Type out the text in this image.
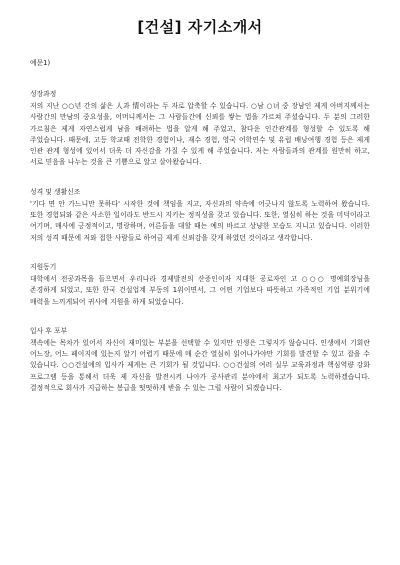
[건설] 자기소개서
예문1)
성장과정

저의 지난 ○○년 간의 삶은 人과 情이라는 두 자로 압축할 수 있습니다. ○남 ○녀 중 장남인 제게 아버지께서는 사람간의 만남의 중요성을, 어머니께서는 그 사람들간에 신뢰를 쌓는 법을 가르쳐 주셨습니다. 두 분의 그러한 가르침은 제게 자연스럽게 남을 배려하는 법을 알게 해 주었고, 참다운 인간관계를 형성할 수 있도록 해 주었습니다. 때문에, 고등 학교때 전학한 경험이나, 재수 경험, 영국 어학연수 및 유럽 배낭여행 경험 등은 제게 인관 관계 형성에 있어서 더욱 더 자신감을 가질 수 있게 해 주었습니다. 저는 사람들과의 관계를 원만히 하고, 서로 믿음을 나누는 것을 큰 기쁨으로 알고 살아왔습니다.

성격 및 생활신조

'기다 면 안 가느니만 못하다' 시작한 것에 책임을 지고, 자신과의 약속에 어긋나지 않도록 노력하여 왔습니다. 또한 경험되와 같은 사소한 일이라도 반드시 지키는 정직성을 갖고 있습니다. 또한, 열심히 하는 것을 미덕이라고 여기며, 매사에 긍정적이고, 명랑하며, 어른들을 대할 때는 예의 바르고 상냥한 모습도 지니고 있습니다. 이러한 저의 성격 때문에 저와 접한 사람들로 하여금 제게 신뢰감을 갖게 하였던 것이라고 생각합니다.

지원동기

대학에서 전공과목을 들으면서 우리나라 경제발전의 산증인이자 지대한 공로자인 고 ○○○ 명예회장님을 존경하게 되었고, 또한 한국 건설업계 부동의 1위이면서, 그 어떤 기업보다 따뜻하고 가족적인 기업 분위기에 매력을 느끼게되어 귀사에 지원을 하게 되었습니다.

입사 후 포부

책속에는 목차가 있어서 자신이 재미있는 부분을 선택할 수 있지만 인생은 그렇지가 않습니다. 인생에서 기회란 어느장, 어느 페이지에 있는지 알기 어렵기 때문에 매 순간 열심히 읽어나가야만 기회를 발견할 수 있고 잡을 수 있습니다. ○○건설에의 입사가 제게는 큰 기회가 될 것입니다. ○○건설의 여러 실무 교육과정과 핵심역량 강화 프로그램 등을 통해서 더욱 제 자신을 발전시켜 나아가 공사관리 분야에서 최고가 되도록 노력하겠습니다. 결정적으로 회사가 지급하는 봉급을 떳떳하게 받을 수 있는 그럴 사람이 되겠습니다.
